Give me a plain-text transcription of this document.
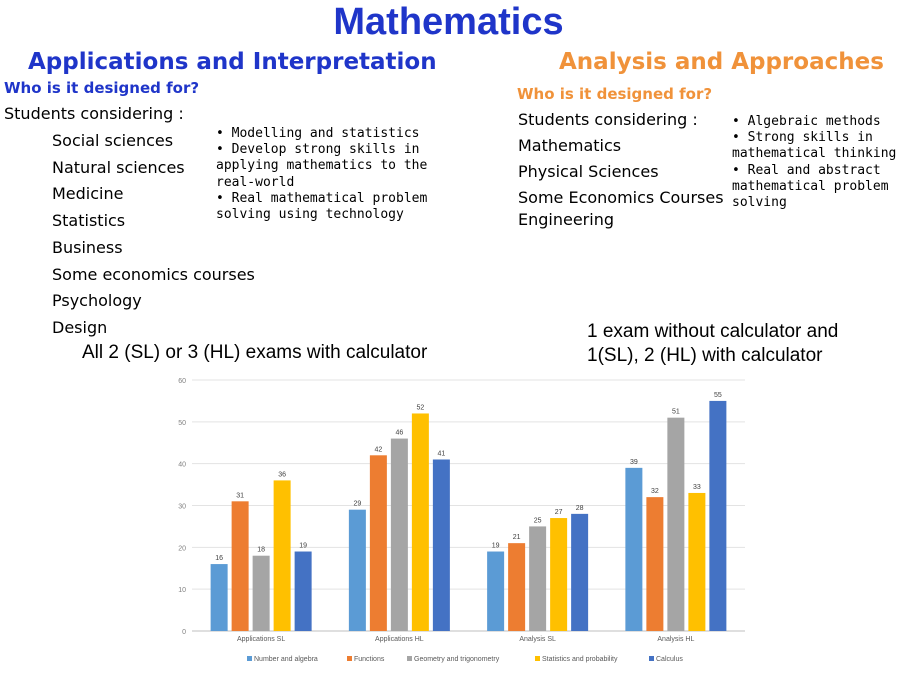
Mathematics
Applications and Interpretation	Analysis and Approaches
Who is it designed for?	Who is it designed for?
Students considering :	Students considering :
Social sciences
Natural sciences
Medicine
Statistics
Business
Some economics courses
Psychology
Design
Mathematics
Physical Sciences
Some Economics Courses
Engineering
• Modelling and statistics
• Develop strong skills in
applying mathematics to the
real-world
• Real mathematical problem
solving using technology
• Algebraic methods
• Strong skills in
mathematical thinking
• Real and abstract
mathematical problem
solving
All 2 (SL) or 3 (HL) exams with calculator
1 exam without calculator and
1(SL), 2 (HL) with calculator
0
10
20
30
40
50
60
16
31
18
36
19
Applications SL
29
42
46
52
41
Applications HL
19
21
25
27
28
Analysis SL
39
32
51
33
55
Analysis HL
Number and algebra	Functions	Geometry and trigonometry	Statistics and probability	Calculus
